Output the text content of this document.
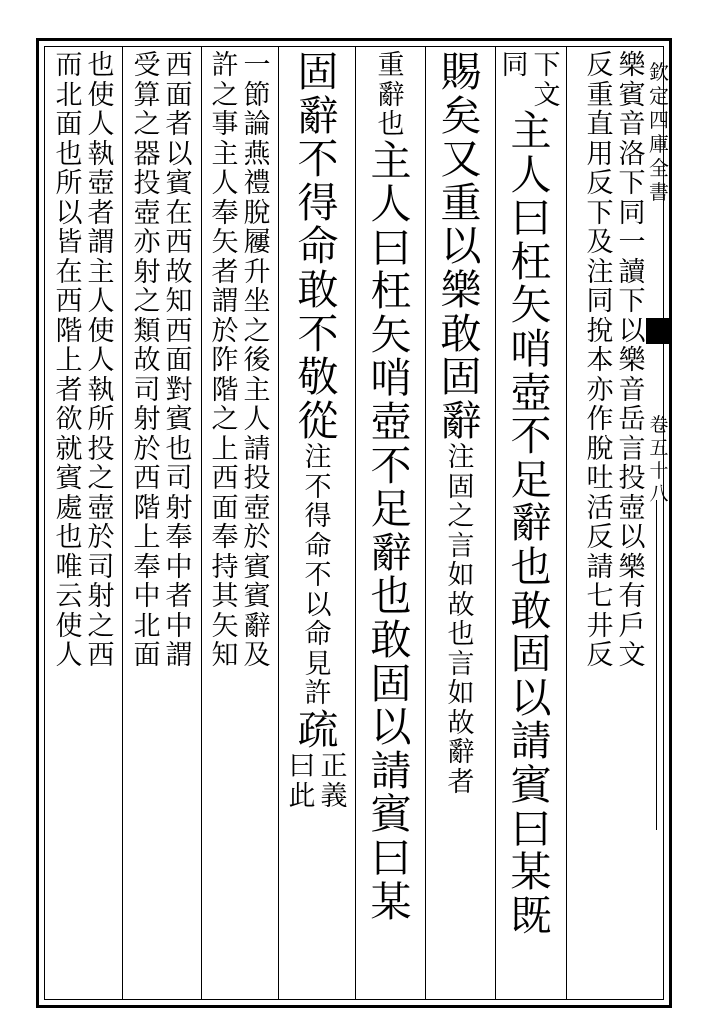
欽
定
四
庫
全
書
卷
五
十
八
反
重
直
用
反
下
及
注
同
挩
本
亦
作
脫
吐
活
反
請
七
井
反
樂
賓
音
洛
下
同
一
讀
下
以
樂
音
岳
言
投
壺
以
樂
有
戶
文
同 下
文
主
人
曰
枉
矢
哨
壺
不
足
辭
也
敢
固
以
請
賓
曰
某
既
賜
矣
又
重
以
樂
敢
固
辭
注
固
之
言
如
故
也
言
如
故
辭
者
重
辭
也
主
人
曰
枉
矢
哨
壺
不
足
辭
也
敢
固
以
請
賓
曰
某
固
辭
不
得
命
敢
不
敬
從
注
不
得
命
不
以
命
見
許
疏
曰
此
正
義
許
之
事
主
人
奉
矢
者
謂
於
阼
階
之
上
西
面
奉
持
其
矢
知
一
節
論
燕
禮
脫
屨
升
坐
之
後
主
人
請
投
壺
於
賓
賓
辭
及
受
算
之
器
投
壺
亦
射
之
類
故
司
射
於
西
階
上
奉
中
北
面
西
面
者
以
賓
在
西
故
知
西
面
對
賓
也
司
射
奉
中
者
中
謂
而
北
面
也
所
以
皆
在
西
階
上
者
欲
就
賓
處
也
唯
云
使
人
也
使
人
執
壺
者
謂
主
人
使
人
執
所
投
之
壺
於
司
射
之
西
